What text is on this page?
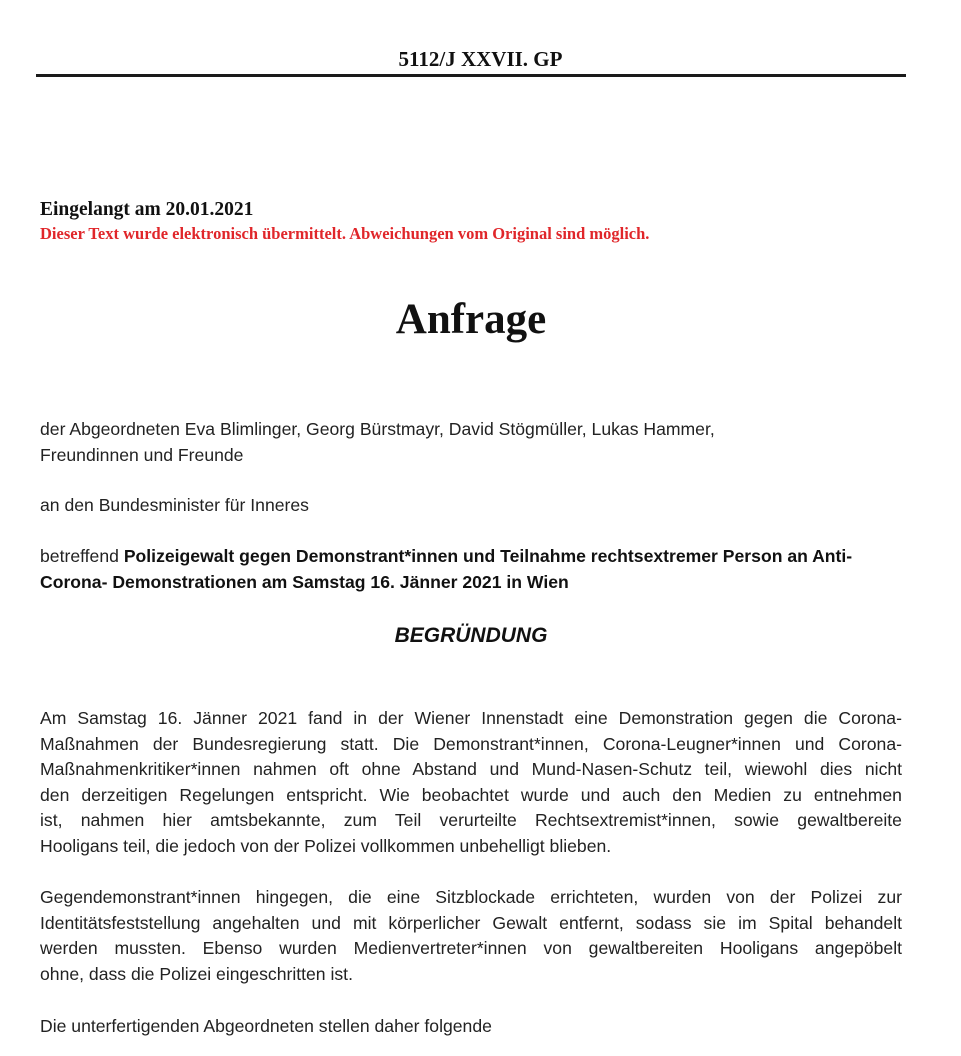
5112/J XXVII. GP
Eingelangt am 20.01.2021
Dieser Text wurde elektronisch übermittelt. Abweichungen vom Original sind möglich.
Anfrage
der Abgeordneten Eva Blimlinger, Georg Bürstmayr, David Stögmüller, Lukas Hammer,
Freundinnen und Freunde
an den Bundesminister für Inneres
betreffend Polizeigewalt gegen Demonstrant*innen und Teilnahme rechtsextremer Person an Anti-
Corona- Demonstrationen am Samstag 16. Jänner 2021 in Wien
BEGRÜNDUNG
Am Samstag 16. Jänner 2021 fand in der Wiener Innenstadt eine Demonstration gegen die Corona-
Maßnahmen der Bundesregierung statt. Die Demonstrant*innen, Corona-Leugner*innen und Corona-
Maßnahmenkritiker*innen nahmen oft ohne Abstand und Mund-Nasen-Schutz teil, wiewohl dies nicht
den derzeitigen Regelungen entspricht. Wie beobachtet wurde und auch den Medien zu entnehmen
ist, nahmen hier amtsbekannte, zum Teil verurteilte Rechtsextremist*innen, sowie gewaltbereite
Hooligans teil, die jedoch von der Polizei vollkommen unbehelligt blieben.
Gegendemonstrant*innen hingegen, die eine Sitzblockade errichteten, wurden von der Polizei zur
Identitätsfeststellung angehalten und mit körperlicher Gewalt entfernt, sodass sie im Spital behandelt
werden mussten. Ebenso wurden Medienvertreter*innen von gewaltbereiten Hooligans angepöbelt
ohne, dass die Polizei eingeschritten ist.
Die unterfertigenden Abgeordneten stellen daher folgende
